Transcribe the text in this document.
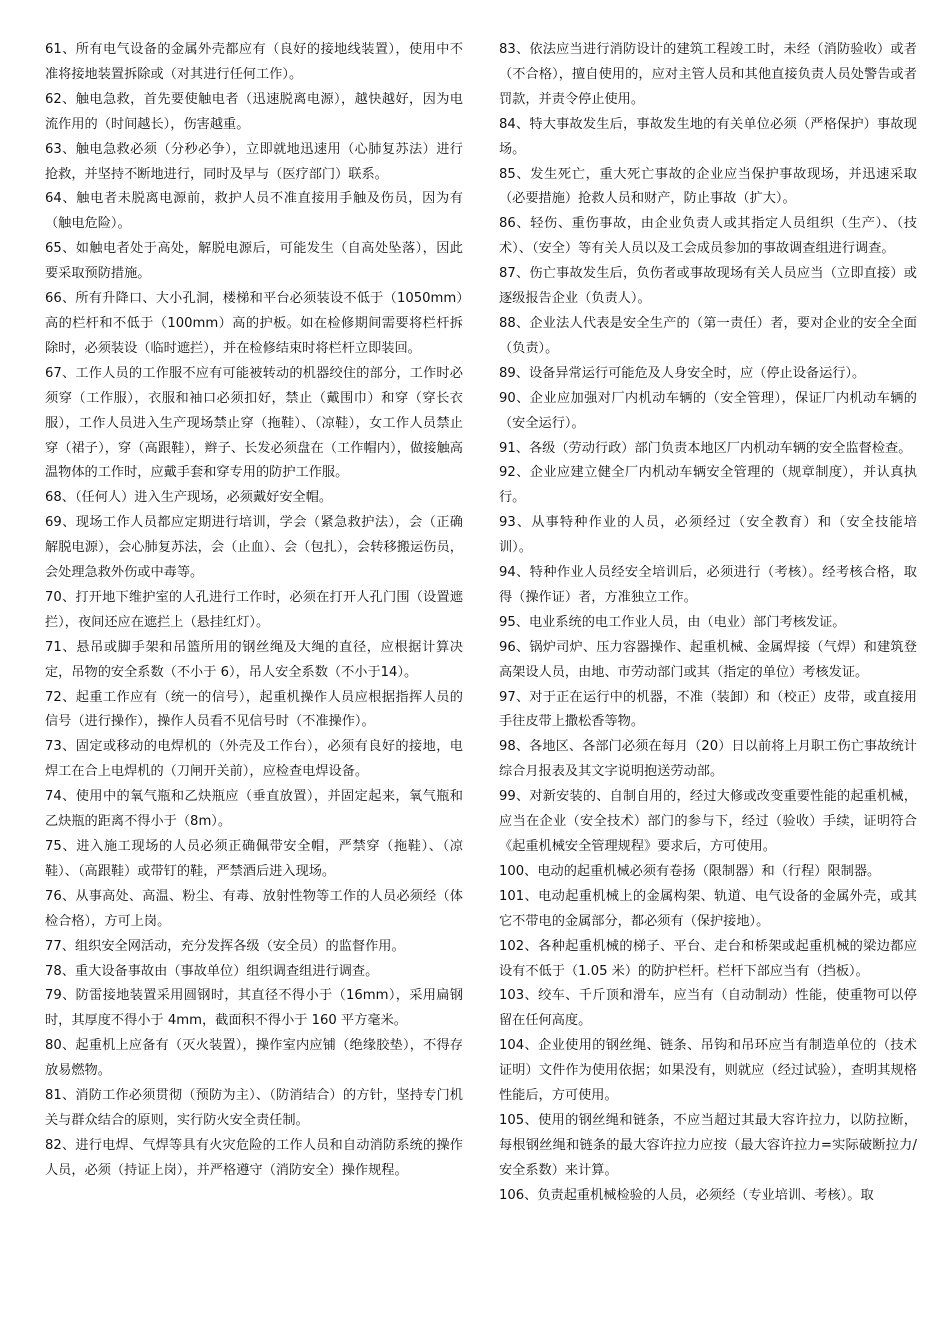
61、所有电气设备的金属外壳都应有（良好的接地线装置），使用中不准将接地装置拆除或（对其进行任何工作）。

62、触电急救，首先要使触电者（迅速脱离电源），越快越好，因为电流作用的（时间越长），伤害越重。

63、触电急救必须（分秒必争），立即就地迅速用（心肺复苏法）进行抢救，并坚持不断地进行，同时及早与（医疗部门）联系。

64、触电者未脱离电源前，救护人员不准直接用手触及伤员，因为有（触电危险）。

65、如触电者处于高处，解脱电源后，可能发生（自高处坠落），因此要采取预防措施。

66、所有升降口、大小孔洞，楼梯和平台必须装设不低于（1050mm）高的栏杆和不低于（100mm）高的护板。如在检修期间需要将栏杆拆除时，必须装设（临时遮拦），并在检修结束时将栏杆立即装回。

67、工作人员的工作服不应有可能被转动的机器绞住的部分，工作时必须穿（工作服），衣服和袖口必须扣好，禁止（戴围巾）和穿（穿长衣服），工作人员进入生产现场禁止穿（拖鞋）、（凉鞋），女工作人员禁止穿（裙子），穿（高跟鞋），辫子、长发必须盘在（工作帽内），做接触高温物体的工作时，应戴手套和穿专用的防护工作服。

68、（任何人）进入生产现场，必须戴好安全帽。

69、现场工作人员都应定期进行培训，学会（紧急救护法），会（正确解脱电源），会心肺复苏法，会（止血）、会（包扎），会转移搬运伤员，会处理急救外伤或中毒等。

70、打开地下维护室的人孔进行工作时，必须在打开人孔门围（设置遮拦），夜间还应在遮拦上（悬挂红灯）。

71、悬吊或脚手架和吊篮所用的钢丝绳及大绳的直径，应根据计算决定，吊物的安全系数（不小于 6），吊人安全系数（不小于14）。

72、起重工作应有（统一的信号），起重机操作人员应根据指挥人员的信号（进行操作），操作人员看不见信号时（不准操作）。

73、固定或移动的电焊机的（外壳及工作台），必须有良好的接地，电焊工在合上电焊机的（刀闸开关前），应检查电焊设备。

74、使用中的氧气瓶和乙炔瓶应（垂直放置），并固定起来，氧气瓶和乙炔瓶的距离不得小于（8m）。

75、进入施工现场的人员必须正确佩带安全帽，严禁穿（拖鞋）、（凉鞋）、（高跟鞋）或带钉的鞋，严禁酒后进入现场。

76、从事高处、高温、粉尘、有毒、放射性物等工作的人员必须经（体检合格），方可上岗。

77、组织安全网活动，充分发挥各级（安全员）的监督作用。

78、重大设备事故由（事故单位）组织调查组进行调查。

79、防雷接地装置采用圆钢时，其直径不得小于（16mm），采用扁钢时，其厚度不得小于 4mm，截面积不得小于 160 平方毫米。

80、起重机上应备有（灭火装置），操作室内应铺（绝缘胶垫），不得存放易燃物。

81、消防工作必须贯彻（预防为主）、（防消结合）的方针，坚持专门机关与群众结合的原则，实行防火安全责任制。

82、进行电焊、气焊等具有火灾危险的工作人员和自动消防系统的操作人员，必须（持证上岗），并严格遵守（消防安全）操作规程。

83、依法应当进行消防设计的建筑工程竣工时，未经（消防验收）或者（不合格），擅自使用的，应对主管人员和其他直接负责人员处警告或者罚款，并责令停止使用。

84、特大事故发生后，事故发生地的有关单位必须（严格保护）事故现场。

85、发生死亡，重大死亡事故的企业应当保护事故现场，并迅速采取（必要措施）抢救人员和财产，防止事故（扩大）。

86、轻伤、重伤事故，由企业负责人或其指定人员组织（生产）、（技术）、（安全）等有关人员以及工会成员参加的事故调查组进行调查。

87、伤亡事故发生后，负伤者或事故现场有关人员应当（立即直接）或逐级报告企业（负责人）。

88、企业法人代表是安全生产的（第一责任）者，要对企业的安全全面（负责）。

89、设备异常运行可能危及人身安全时，应（停止设备运行）。

90、企业应加强对厂内机动车辆的（安全管理），保证厂内机动车辆的（安全运行）。

91、各级（劳动行政）部门负责本地区厂内机动车辆的安全监督检查。

92、企业应建立健全厂内机动车辆安全管理的（规章制度），并认真执行。

93、从事特种作业的人员，必须经过（安全教育）和（安全技能培训）。

94、特种作业人员经安全培训后，必须进行（考核）。经考核合格，取得（操作证）者，方准独立工作。

95、电业系统的电工作业人员，由（电业）部门考核发证。

96、锅炉司炉、压力容器操作、起重机械、金属焊接（气焊）和建筑登高架设人员，由地、市劳动部门或其（指定的单位）考核发证。

97、对于正在运行中的机器，不准（装卸）和（校正）皮带，或直接用手往皮带上撒松香等物。

98、各地区、各部门必须在每月（20）日以前将上月职工伤亡事故统计综合月报表及其文字说明抱送劳动部。

99、对新安装的、自制自用的，经过大修或改变重要性能的起重机械，应当在企业（安全技术）部门的参与下，经过（验收）手续，证明符合《起重机械安全管理规程》要求后，方可使用。

100、电动的起重机械必须有卷扬（限制器）和（行程）限制器。

101、电动起重机械上的金属构架、轨道、电气设备的金属外壳，或其它不带电的金属部分，都必须有（保护接地）。

102、各种起重机械的梯子、平台、走台和桥架或起重机械的梁边都应设有不低于（1.05 米）的防护栏杆。栏杆下部应当有（挡板）。

103、绞车、千斤顶和滑车，应当有（自动制动）性能，使重物可以停留在任何高度。

104、企业使用的钢丝绳、链条、吊钩和吊环应当有制造单位的（技术证明）文件作为使用依据；如果没有，则就应（经过试验），查明其规格性能后，方可使用。

105、使用的钢丝绳和链条，不应当超过其最大容许拉力，以防拉断，每根钢丝绳和链条的最大容许拉力应按（最大容许拉力=实际破断拉力/安全系数）来计算。

106、负责起重机械检验的人员，必须经（专业培训、考核）。取
